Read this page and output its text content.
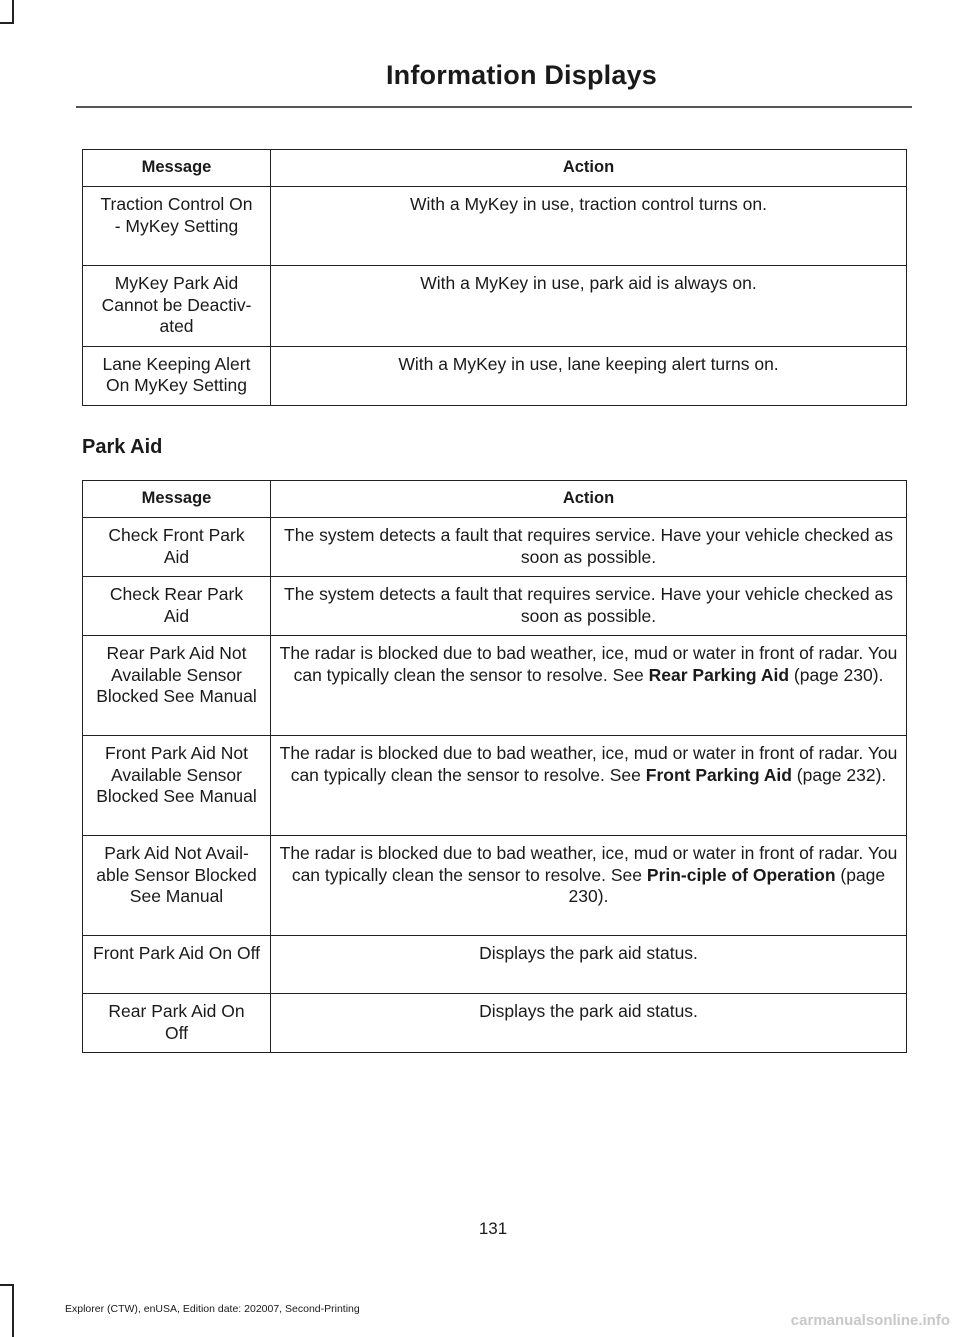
Information Displays
Message	Action
Traction Control On - MyKey Setting	With a MyKey in use, traction control turns on.
MyKey Park Aid Cannot be Deactiv-ated	With a MyKey in use, park aid is always on.
Lane Keeping Alert On MyKey Setting	With a MyKey in use, lane keeping alert turns on.
Park Aid
Message	Action
Check Front Park Aid	The system detects a fault that requires service. Have your vehicle checked as soon as possible.
Check Rear Park Aid	The system detects a fault that requires service. Have your vehicle checked as soon as possible.
Rear Park Aid Not Available Sensor Blocked See Manual	The radar is blocked due to bad weather, ice, mud or water in front of radar. You can typically clean the sensor to resolve. See Rear Parking Aid (page 230).
Front Park Aid Not Available Sensor Blocked See Manual	The radar is blocked due to bad weather, ice, mud or water in front of radar. You can typically clean the sensor to resolve. See Front Parking Aid (page 232).
Park Aid Not Avail-able Sensor Blocked See Manual	The radar is blocked due to bad weather, ice, mud or water in front of radar. You can typically clean the sensor to resolve. See Prin-ciple of Operation (page 230).
Front Park Aid On Off	Displays the park aid status.
Rear Park Aid On Off	Displays the park aid status.
131
Explorer (CTW), enUSA, Edition date: 202007, Second-Printing
carmanualsonline.info
